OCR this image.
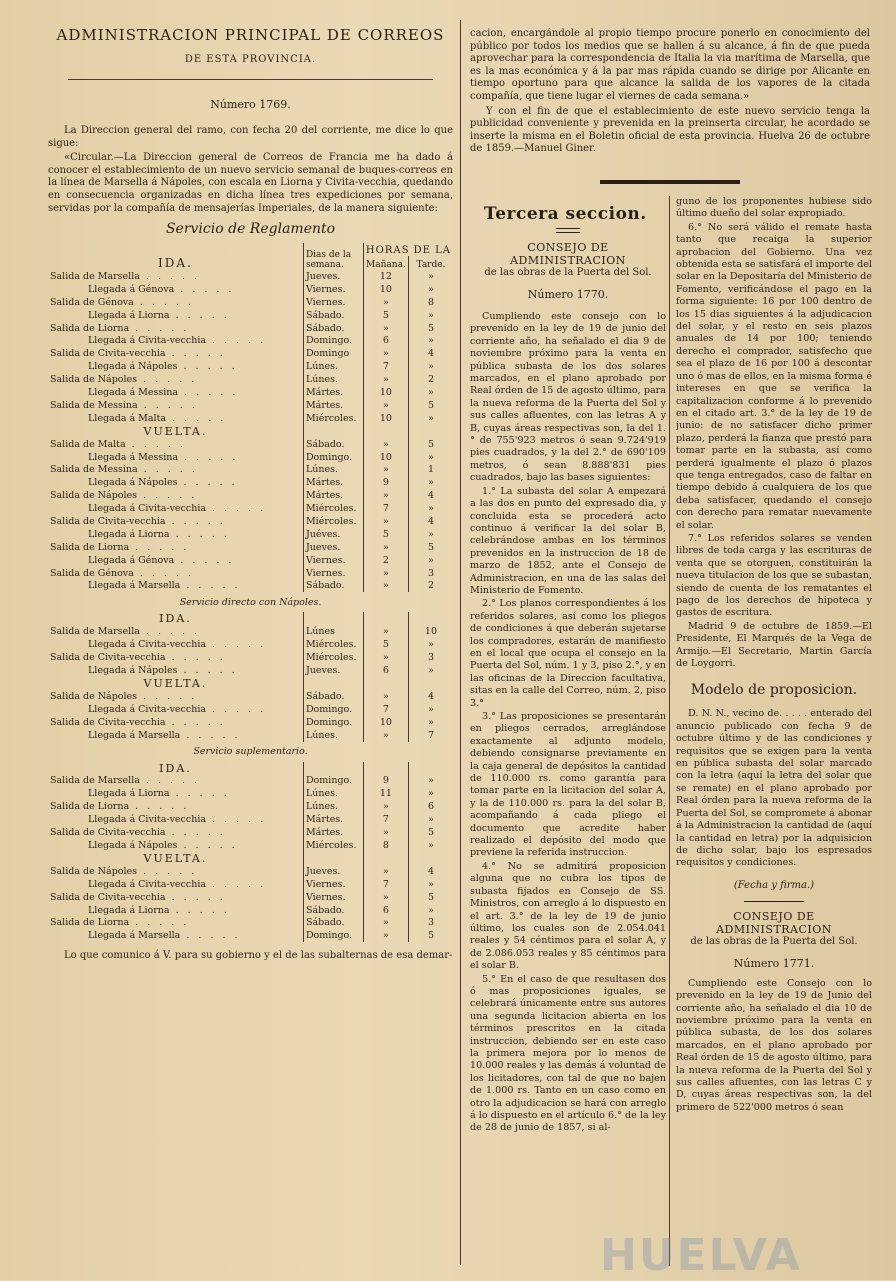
ADMINISTRACION PRINCIPAL DE CORREOS
DE ESTA PROVINCIA.
Número 1769.

La Direccion general del ramo, con fecha 20 del corriente, me dice lo que sigue:

«Circular.—La Direccion general de Correos de Francia me ha dado á conocer el establecimiento de un nuevo servicio semanal de buques-correos en la línea de Marsella á Nápoles, con escala en Liorna y Civita-vecchia, quedando en consecuencia organizadas en dicha línea tres expediciones por semana, servidas por la compañía de mensajerías Imperiales, de la manera siguiente:

Servicio de Reglamento
	Dias de la semana.	HORAS DE LA	
IDA.		Mañana.	Tarde.
Salida de Marsella . . .	Jueves.	12	»
Llegada á Génova . . .	Viernes.	10	»
Salida de Génova . . .	Viernes.	»	8
Llegada á Liorna . . .	Sábado.	5	»
Salida de Liorna . . .	Sábado.	»	5
Llegada á Civita-vecchia . . .	Domingo.	6	»
Salida de Civita-vecchia . . .	Domingo	»	4
Llegada á Nápoles . . .	Lúnes.	7	»
Salida de Nápoles . . .	Lúnes.	»	2
Llegada á Messina . . .	Mártes.	10	»
Salida de Messina . . .	Mártes.	»	5
Llegada á Malta . . .	Miércoles.	10	»
VUELTA.			
Salida de Malta . . .	Sábado.	»	5
Llegada á Messina . . .	Domingo.	10	»
Salida de Messina . . .	Lúnes.	»	1
Llegada á Nápoles . . .	Mártes.	9	»
Salida de Nápoles . . .	Mártes.	»	4
Llegada á Civita-vecchia . . .	Miércoles.	7	»
Salida de Civita-vecchia . . .	Miércoles.	»	4
Llegada á Liorna . . .	Juéves.	5	»
Salida de Liorna . . .	Jueves.	»	5
Llegada á Génova . . .	Viernes.	2	»
Salida de Génova . . .	Viernes.	»	3
Llegada á Marsella . . .	Sábado.	»	2
Servicio directo con Nápoles.			
IDA.			
Salida de Marsella . . .	Lúnes	»	10
Llegada á Civita-vecchia . . .	Miércoles.	5	»
Salida de Civita-vecchia . . .	Miércoles.	»	3
Llegada á Nápoles . . .	Jueves.	6	»
VUELTA.			
Salida de Nápoles . . .	Sábado.	»	4
Llegada á Civita-vecchia . . .	Domingo.	7	»
Salida de Civita-vecchia . . .	Domingo.	10	»
Llegada á Marsella . . .	Lúnes.	»	7
Servicio suplementario.			
IDA.			
Salida de Marsella . . .	Domingo.	9	»
Llegada á Liorna . . .	Lúnes.	11	»
Salida de Liorna . . .	Lúnes.	»	6
Llegada á Civita-vecchia . . .	Mártes.	7	»
Salida de Civita-vecchia . . .	Mártes.	»	5
Llegada á Nápoles . . .	Miércoles.	8	»
VUELTA.			
Salida de Nápoles . . .	Jueves.	»	4
Llegada á Civita-vecchia . . .	Viernes.	7	»
Salida de Civita-vecchia . . .	Viernes.	»	5
Llegada á Liorna . . .	Sábado.	6	»
Salida de Liorna . . .	Sábado.	»	3
Llegada á Marsella . . .	Domingo.	»	5

Lo que comunico á V. para su gobierno y el de las subalternas de esa demar-

cacion, encargándole al propio tiempo procure ponerlo en conocimiento del público por todos los medios que se hallen á su alcance, á fin de que pueda aprovechar para la correspondencia de Italia la via marítima de Marsella, que es la mas económica y á la par mas rápida cuando se dirige por Alicante en tiempo oportuno para que alcance la salida de los vapores de la citada compañía, que tiene lugar el viernes de cada semana.»

Y con el fin de que el establecimiento de este nuevo servicio tenga la publicidad conveniente y prevenida en la preinserta circular, he acordado se inserte la misma en el Boletin oficial de esta provincia. Huelva 26 de octubre de 1859.—Manuel Giner.

Tercera seccion.
CONSEJO DE ADMINISTRACION
de las obras de la Puerta del Sol.
Número 1770.

Cumpliendo este consejo con lo prevenido en la ley de 19 de junio del corriente año, ha señalado el dia 9 de noviembre próximo para la venta en pública subasta de los dos solares marcados, en el plano aprobado por Real órden de 15 de agosto último, para la nueva reforma de la Puerta del Sol y sus calles afluentes, con las letras A y B, cuyas áreas respectivas son, la del 1.° de 755'923 metros ó sean 9.724'919 pies cuadrados, y la del 2.° de 690'109 metros, ó sean 8.888'831 pies cuadrados, bajo las bases siguientes:

1.° La subasta del solar A empezará a las dos en punto del expresado dia, y concluida esta se procederá acto continuo á verificar la del solar B, celebrándose ambas en los términos prevenidos en la instruccion de 18 de marzo de 1852, ante el Consejo de Administracion, en una de las salas del Ministerio de Fomento.

2.° Los planos correspondientes á los referidos solares, así como los pliegos de condiciones á que deberán sujetarse los compradores, estarán de manifiesto en el local que ocupa el consejo en la Puerta del Sol, núm. 1 y 3, piso 2.°, y en las oficinas de la Direccion facultativa, sitas en la calle del Correo, núm. 2, piso 3.°

3.° Las proposiciones se presentarán en pliegos cerrados, arreglándose exactamente al adjunto modelo, debiendo consignarse previamente en la caja general de depósitos la cantidad de 110.000 rs. como garantía para tomar parte en la licitacion del solar A, y la de 110.000 rs. para la del solar B, acompañando á cada pliego el documento que acredite haber realizado el depósito del modo que previene la referida instruccion.

4.° No se admitirá proposicion alguna que no cubra los tipos de subasta fijados en Consejo de SS. Ministros, con arreglo á lo dispuesto en el art. 3.° de la ley de 19 de junio último, los cuales son de 2.054.041 reales y 54 céntimos para el solar A, y de 2.086.053 reales y 85 céntimos para el solar B.

5.° En el caso de que resultasen dos ó mas proposiciones iguales, se celebrará únicamente entre sus autores una segunda licitacion abierta en los términos prescritos en la citada instruccion, debiendo ser en este caso la primera mejora por lo menos de 10.000 reales y las demás á voluntad de los licitadores, con tal de que no bajen de 1.000 rs. Tanto en un caso como en otro la adjudicacion se hará con arreglo á lo dispuesto en el artículo 6.° de la ley de 28 de junio de 1857, si al-

guno de los proponentes hubiese sido último dueño del solar expropiado.

6.° No será válido el remate hasta tanto que recaiga la superior aprobacion del Gobierno. Una vez obtenida esta se satisfará el importe del solar en la Depositaría del Ministerio de Fomento, verificándose el pago en la forma siguiente: 16 por 100 dentro de los 15 dias siguientes á la adjudicacion del solar, y el resto en seis plazos anuales de 14 por 100; teniendo derecho el comprador, satisfecho que sea el plazo de 16 por 100 á descontar uno ó mas de ellos, en la misma forma é intereses en que se verifica la capitalizacion conforme á lo prevenido en el citado art. 3.° de la ley de 19 de junio: de no satisfacer dicho primer plazo, perderá la fianza que prestó para tomar parte en la subasta, así como perderá igualmente el plazo ó plazos que tenga entregados, caso de faltar en tiempo debido á cualquiera de los que deba satisfacer, quedando el consejo con derecho para rematar nuevamente el solar.

7.° Los referidos solares se venden libres de toda carga y las escrituras de venta que se otorguen, constituirán la nueva titulacion de los que se subastan, siendo de cuenta de los rematantes el pago de los derechos de hipoteca y gastos de escritura.

Madrid 9 de octubre de 1859.—El Presidente, El Marqués de la Vega de Armijo.—El Secretario, Martin García de Loygorri.

Modelo de proposicion.

D. N. N., vecino de. . . . . enterado del anuncio publicado con fecha 9 de octubre último y de las condiciones y requisitos que se exigen para la venta en pública subasta del solar marcado con la letra (aquí la letra del solar que se remate) en el plano aprobado por Real órden para la nueva reforma de la Puerta del Sol, se compromete á abonar á la Administracion la cantidad de (aquí la cantidad en letra) por la adquisicion de dicho solar, bajo los espresados requisitos y condiciones.

(Fecha y firma.)
CONSEJO DE ADMINISTRACION
de las obras de la Puerta del Sol.
Número 1771.

Cumpliendo este Consejo con lo prevenido en la ley de 19 de Junio del corriente año, ha señalado el dia 10 de noviembre próximo para la venta en pública subasta, de los dos solares marcados, en el plano aprobado por Real órden de 15 de agosto último, para la nueva reforma de la Puerta del Sol y sus calles afluentes, con las letras C y D, cuyas áreas respectivas son, la del primero de 522'000 metros ó sean

HUELVA
